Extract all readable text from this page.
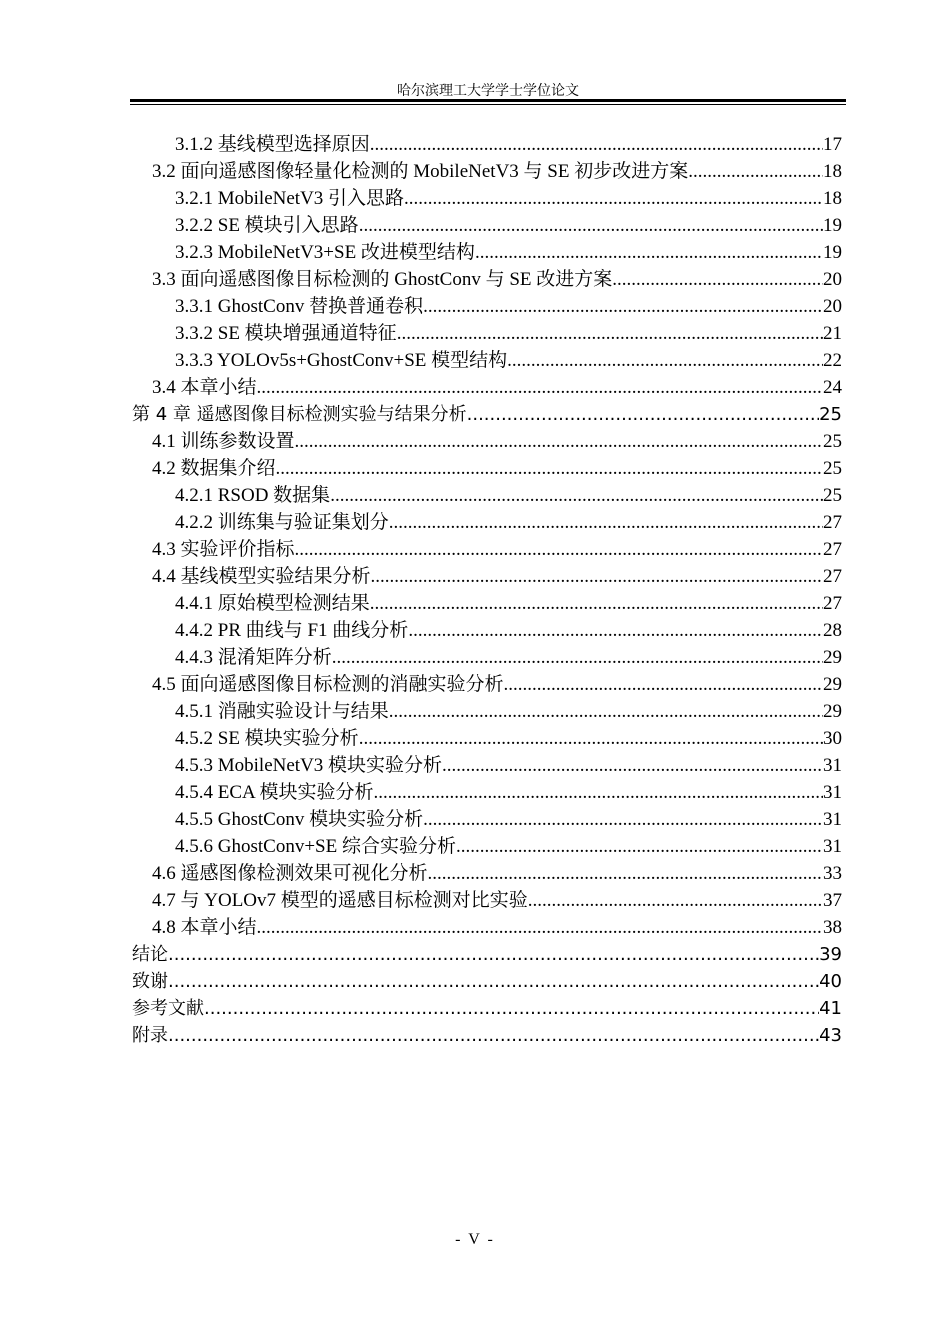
哈尔滨理工大学学士学位论文
3.1.2 基线模型选择原因 .....	17
3.2 面向遥感图像轻量化检测的 MobileNetV3 与 SE 初步改进方案 .....	18
3.2.1 MobileNetV3 引入思路 .....	18
3.2.2 SE 模块引入思路 .....	19
3.2.3 MobileNetV3+SE 改进模型结构 .....	19
3.3 面向遥感图像目标检测的 GhostConv 与 SE 改进方案 .....	20
3.3.1 GhostConv 替换普通卷积 .....	20
3.3.2 SE 模块增强通道特征 .....	21
3.3.3 YOLOv5s+GhostConv+SE 模型结构 .....	22
3.4 本章小结 .....	24
第 4 章 遥感图像目标检测实验与结果分析 .....	25
4.1 训练参数设置 .....	25
4.2 数据集介绍 .....	25
4.2.1 RSOD 数据集 .....	25
4.2.2 训练集与验证集划分 .....	27
4.3 实验评价指标 .....	27
4.4 基线模型实验结果分析 .....	27
4.4.1 原始模型检测结果 .....	27
4.4.2 PR 曲线与 F1 曲线分析 .....	28
4.4.3 混淆矩阵分析 .....	29
4.5 面向遥感图像目标检测的消融实验分析 .....	29
4.5.1 消融实验设计与结果 .....	29
4.5.2 SE 模块实验分析 .....	30
4.5.3 MobileNetV3 模块实验分析 .....	31
4.5.4 ECA 模块实验分析 .....	31
4.5.5 GhostConv 模块实验分析 .....	31
4.5.6 GhostConv+SE 综合实验分析 .....	31
4.6 遥感图像检测效果可视化分析 .....	33
4.7 与 YOLOv7 模型的遥感目标检测对比实验 .....	37
4.8 本章小结 .....	38
结论 .....	39
致谢 .....	40
参考文献 .....	41
附录 .....	43
- V -
